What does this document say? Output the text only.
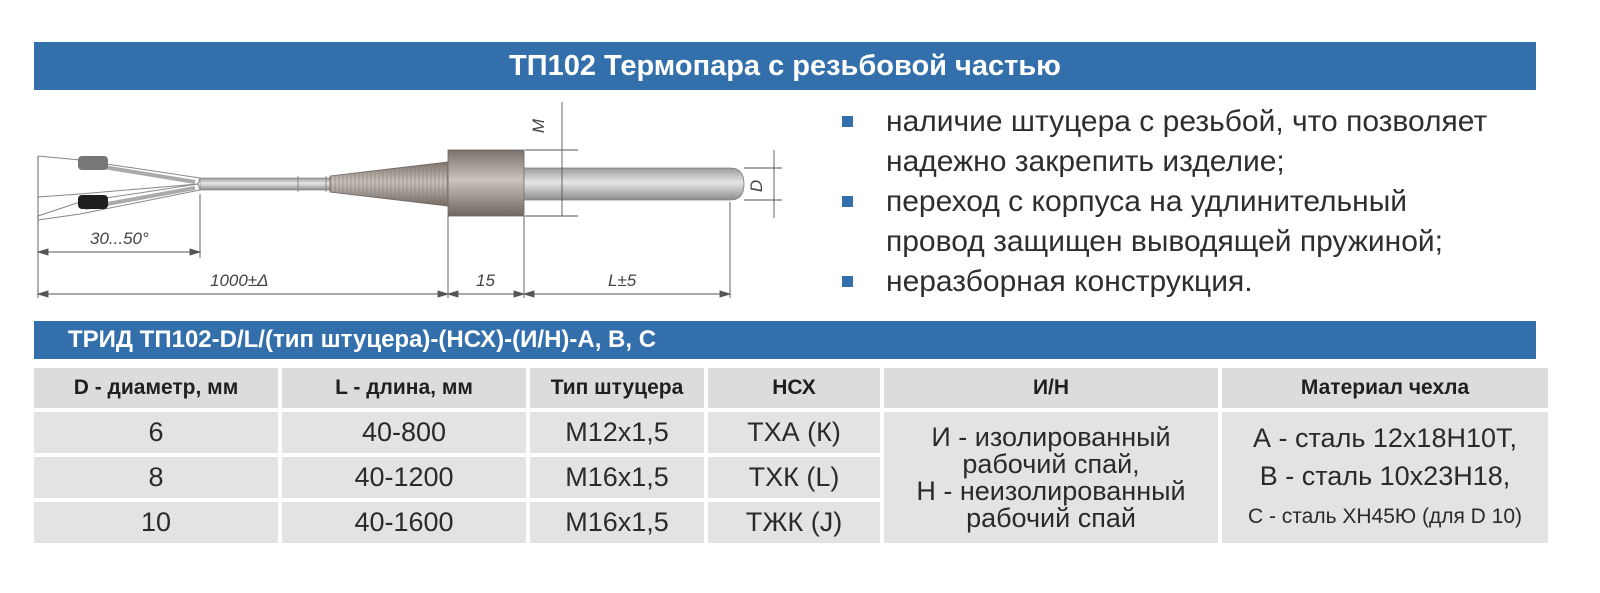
ТП102 Термопара с резьбовой частью
30...50°
1000±Δ	15	L±5
M
D
наличие штуцера с резьбой, что позволяет
надежно закрепить изделие;
переход с корпуса на удлинительный
провод защищен выводящей пружиной;
неразборная конструкция.
ТРИД ТП102-D/L/(тип штуцера)-(НСХ)-(И/Н)-А, В, С
D - диаметр, мм	L - длина, мм	Тип штуцера	НСХ	И/Н	Материал чехла
6	40-800	M12x1,5	ТХА (К)	И - изолированный
рабочий спай,
Н - неизолированный
рабочий спай	А - сталь 12х18Н10Т,
В - сталь 10х23Н18,
С - сталь ХН45Ю (для D 10)
8	40-1200	M16x1,5	ТХК (L)		
10	40-1600	M16x1,5	ТЖК (J)		
